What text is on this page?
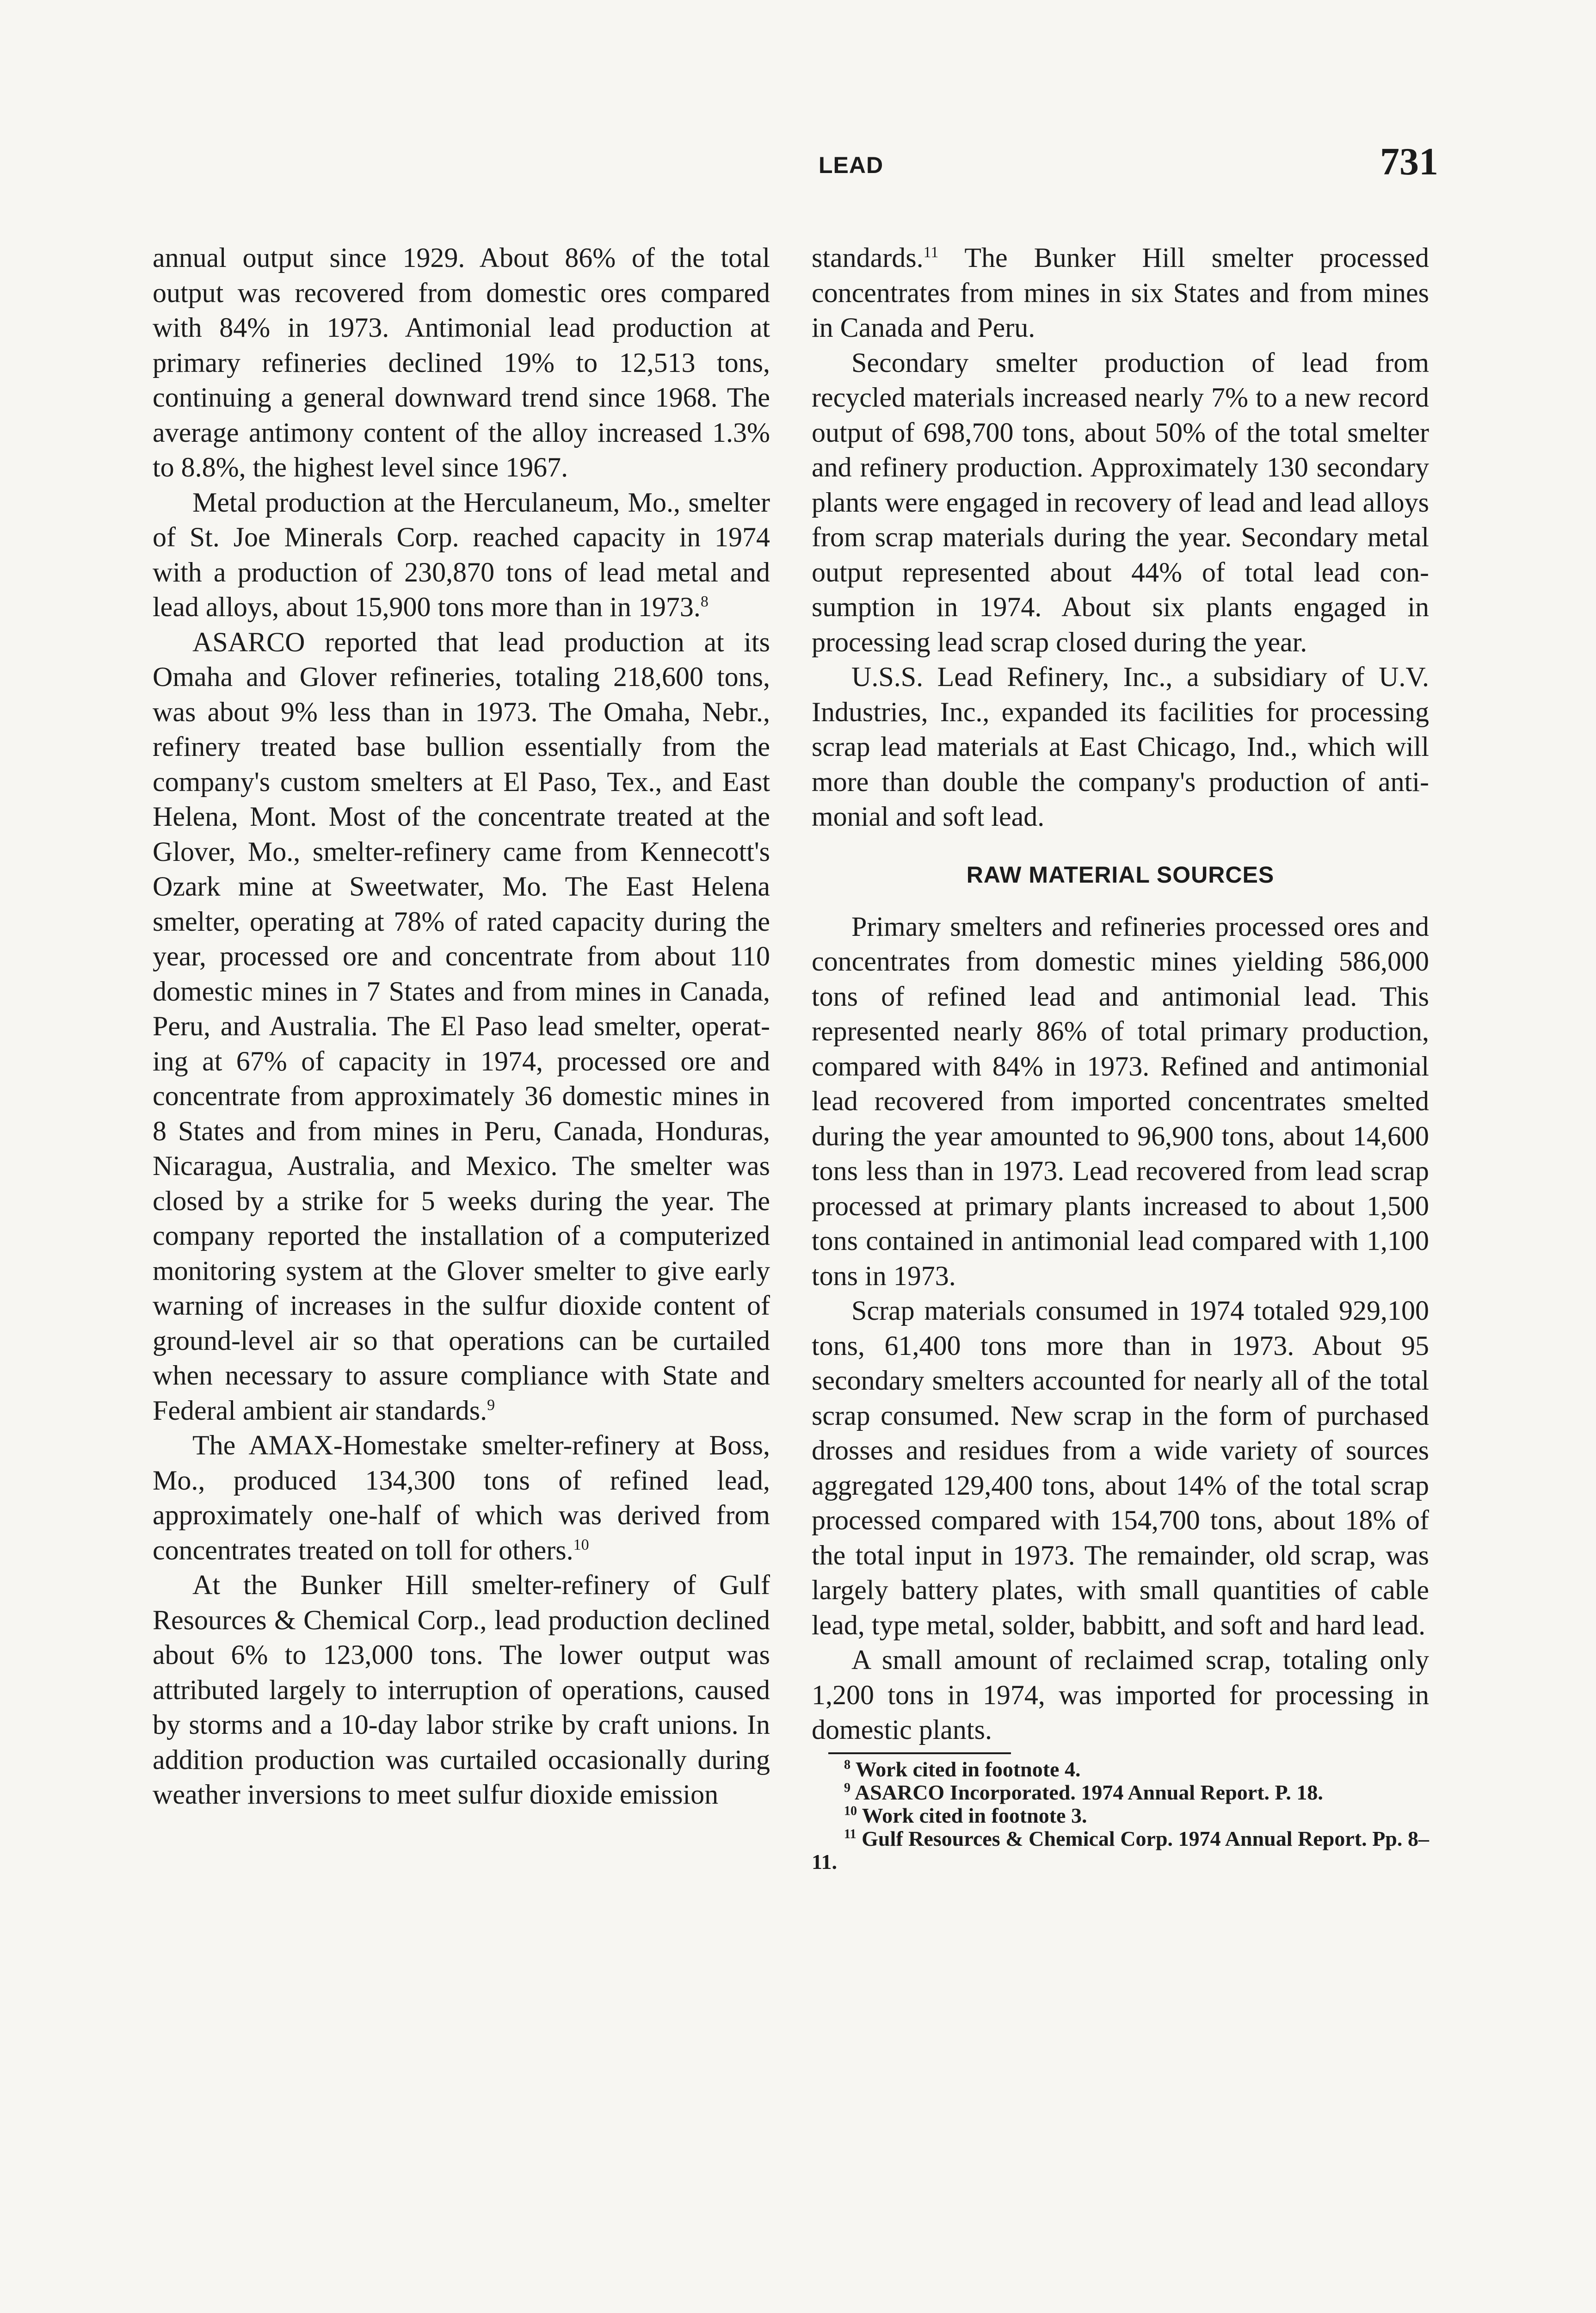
LEAD	731

annual output since 1929. About 86% of the total output was recovered from domestic ores compared with 84% in 1973. Antimonial lead production at primary refineries declined 19% to 12,513 tons, continuing a general downward trend since 1968. The average antimony content of the alloy increased 1.3% to 8.8%, the highest level since 1967.

Metal production at the Herculaneum, Mo., smelter of St. Joe Minerals Corp. reached capacity in 1974 with a production of 230,870 tons of lead metal and lead alloys, about 15,900 tons more than in 1973.$^8$

ASARCO reported that lead production at its Omaha and Glover refineries, totaling 218,600 tons, was about 9% less than in 1973. The Omaha, Nebr., refinery treated base bullion essentially from the company's custom smelters at El Paso, Tex., and East Helena, Mont. Most of the concentrate treated at the Glover, Mo., smelter-refinery came from Kennecott's Ozark mine at Sweetwater, Mo. The East Helena smelter, operating at 78% of rated capacity during the year, processed ore and concentrate from about 110 domestic mines in 7 States and from mines in Canada, Peru, and Australia. The El Paso lead smelter, operating at 67% of capacity in 1974, processed ore and concentrate from approximately 36 domestic mines in 8 States and from mines in Peru, Canada, Honduras, Nicaragua, Australia, and Mexico. The smelter was closed by a strike for 5 weeks during the year. The company reported the installation of a computerized monitoring system at the Glover smelter to give early warning of increases in the sulfur dioxide content of ground-level air so that operations can be curtailed when necessary to assure compliance with State and Federal ambient air standards.$^9$

The AMAX-Homestake smelter-refinery at Boss, Mo., produced 134,300 tons of refined lead, approximately one-half of which was derived from concentrates treated on toll for others.$^{10}$

At the Bunker Hill smelter-refinery of Gulf Resources & Chemical Corp., lead production declined about 6% to 123,000 tons. The lower output was attributed largely to interruption of operations, caused by storms and a 10-day labor strike by craft unions. In addition production was curtailed occasionally during weather inversions to meet sulfur dioxide emission

standards.$^{11}$ The Bunker Hill smelter processed concentrates from mines in six States and from mines in Canada and Peru.

Secondary smelter production of lead from recycled materials increased nearly 7% to a new record output of 698,700 tons, about 50% of the total smelter and refinery production. Approximately 130 secondary plants were engaged in recovery of lead and lead alloys from scrap materials during the year. Secondary metal output represented about 44% of total lead consumption in 1974. About six plants engaged in processing lead scrap closed during the year.

U.S.S. Lead Refinery, Inc., a subsidiary of U.V. Industries, Inc., expanded its facilities for processing scrap lead materials at East Chicago, Ind., which will more than double the company's production of antimonial and soft lead.

RAW MATERIAL SOURCES

Primary smelters and refineries processed ores and concentrates from domestic mines yielding 586,000 tons of refined lead and antimonial lead. This represented nearly 86% of total primary production, compared with 84% in 1973. Refined and antimonial lead recovered from imported concentrates smelted during the year amounted to 96,900 tons, about 14,600 tons less than in 1973. Lead recovered from lead scrap processed at primary plants increased to about 1,500 tons contained in antimonial lead compared with 1,100 tons in 1973.

Scrap materials consumed in 1974 totaled 929,100 tons, 61,400 tons more than in 1973. About 95 secondary smelters accounted for nearly all of the total scrap consumed. New scrap in the form of purchased drosses and residues from a wide variety of sources aggregated 129,400 tons, about 14% of the total scrap processed compared with 154,700 tons, about 18% of the total input in 1973. The remainder, old scrap, was largely battery plates, with small quantities of cable lead, type metal, solder, babbitt, and soft and hard lead.

A small amount of reclaimed scrap, totaling only 1,200 tons in 1974, was imported for processing in domestic plants.

$^8$ Work cited in footnote 4.
$^9$ ASARCO Incorporated. 1974 Annual Report. P. 18.
$^{10}$ Work cited in footnote 3.
$^{11}$ Gulf Resources & Chemical Corp. 1974 Annual Report. Pp. 8–11.
